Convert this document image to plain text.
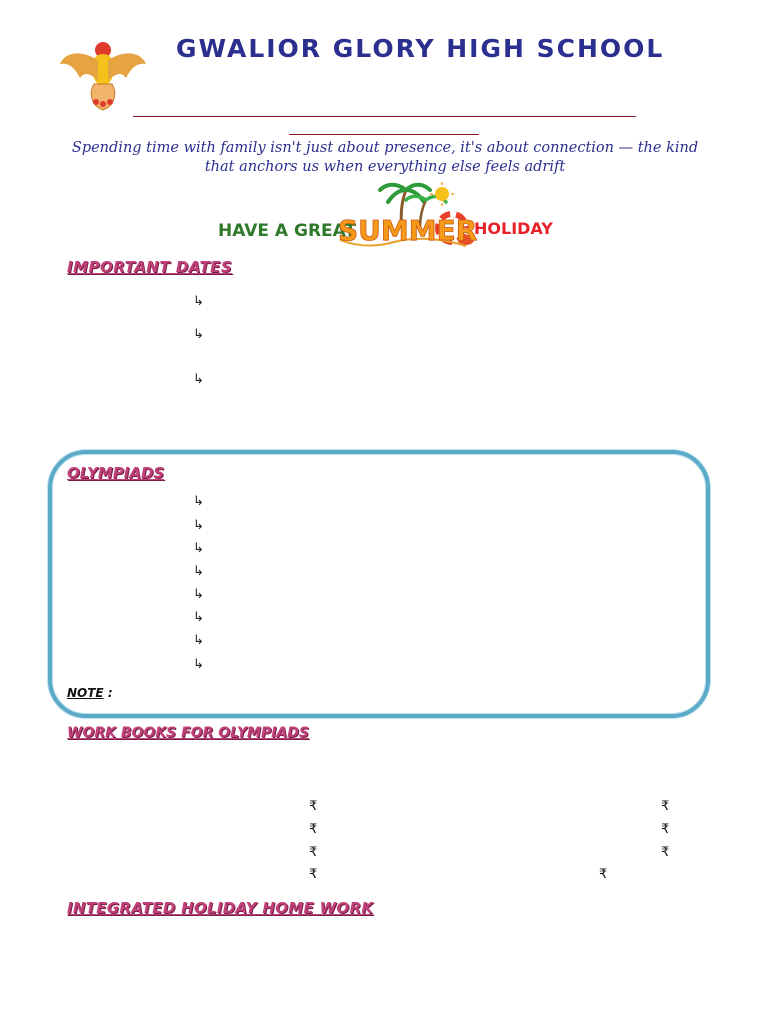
GWALIOR GLORY HIGH SCHOOL
Spending time with family isn't just about presence, it's about connection — the kind that anchors us when everything else feels adrift
HAVE A GREAT
SUMMER
HOLIDAY !
IMPORTANT DATES
↳
↳
↳
OLYMPIADS
↳
↳
↳
↳
↳
↳
↳
↳
NOTE :
WORK BOOKS FOR OLYMPIADS
₹	₹
₹	₹
₹	₹
₹	₹
INTEGRATED HOLIDAY HOME WORK
